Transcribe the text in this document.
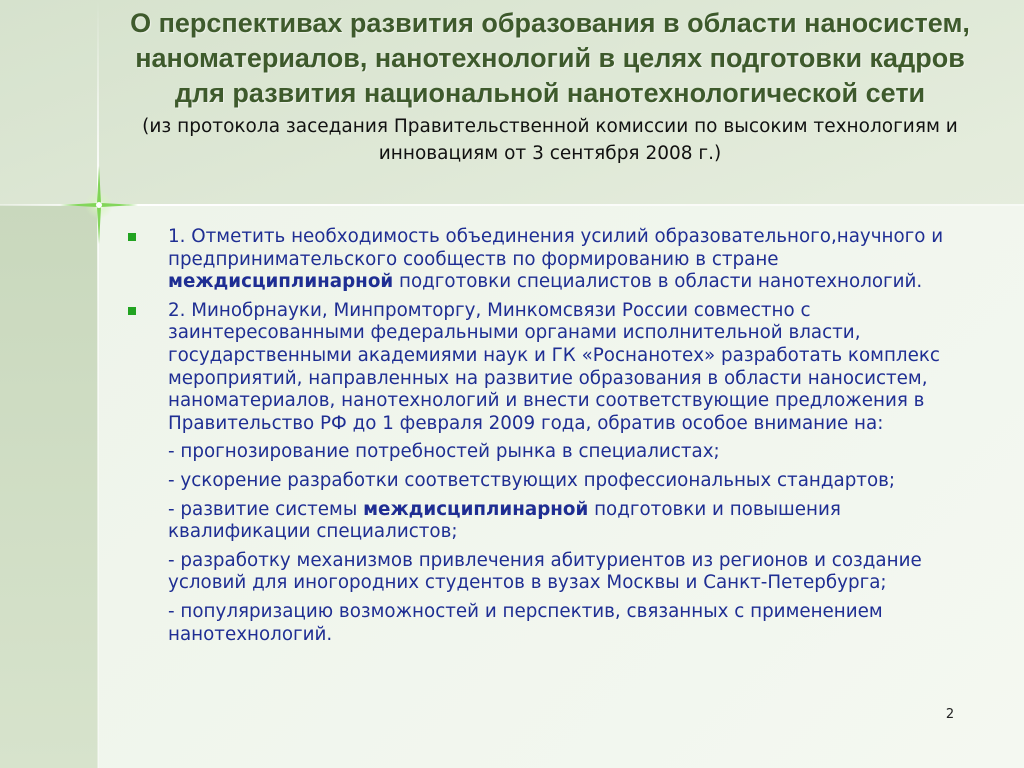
О перспективах развития образования в области наносистем, наноматериалов, нанотехнологий в целях подготовки кадров для развития национальной нанотехнологической сети

(из протокола заседания Правительственной комиссии по высоким технологиям и инновациям от 3 сентября 2008 г.)

1. Отметить необходимость объединения усилий образовательного,научного и предпринимательского сообществ по формированию в стране междисциплинарной подготовки специалистов в области нанотехнологий.
2. Минобрнауки, Минпромторгу, Минкомсвязи России совместно с заинтересованными федеральными органами исполнительной власти, государственными академиями наук и ГК «Роснанотех» разработать комплекс мероприятий, направленных на развитие образования в области наносистем, наноматериалов, нанотехнологий и внести соответствующие предложения в Правительство РФ до 1 февраля 2009 года, обратив особое внимание на:
- прогнозирование потребностей рынка в специалистах;
- ускорение разработки соответствующих профессиональных стандартов;
- развитие системы междисциплинарной подготовки и повышения квалификации специалистов;
- разработку механизмов привлечения абитуриентов из регионов и создание условий для иногородних студентов в вузах Москвы и Санкт-Петербурга;
- популяризацию возможностей и перспектив, связанных с применением нанотехнологий.
2
